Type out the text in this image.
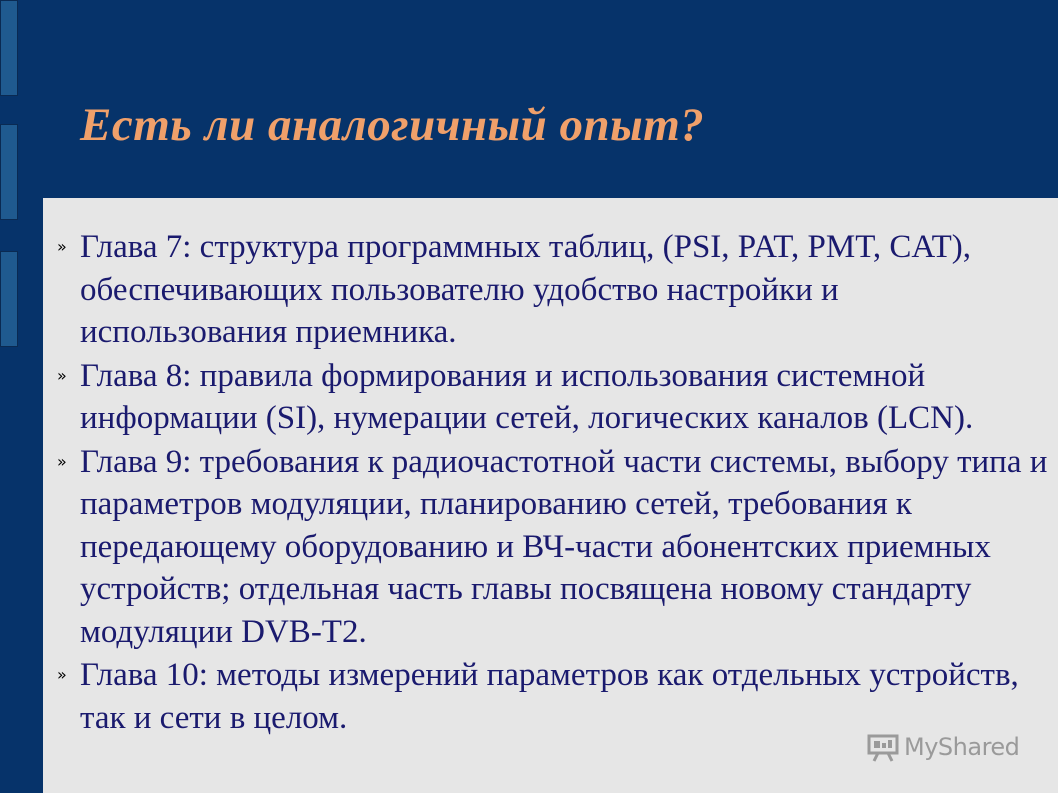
Есть ли аналогичный опыт?
» Глава 7: структура программных таблиц, (PSI, PAT, PMT, CAT), обеспечивающих пользователю удобство настройки и использования приемника.
» Глава 8: правила формирования и использования системной информации (SI), нумерации сетей, логических каналов (LCN).
» Глава 9: требования к радиочастотной части системы, выбору типа и параметров модуляции, планированию сетей, требования к передающему оборудованию и ВЧ-части абонентских приемных устройств; отдельная часть главы посвящена новому стандарту модуляции DVB-T2.
» Глава 10: методы измерений параметров как отдельных устройств, так и сети в целом.
MyShared
